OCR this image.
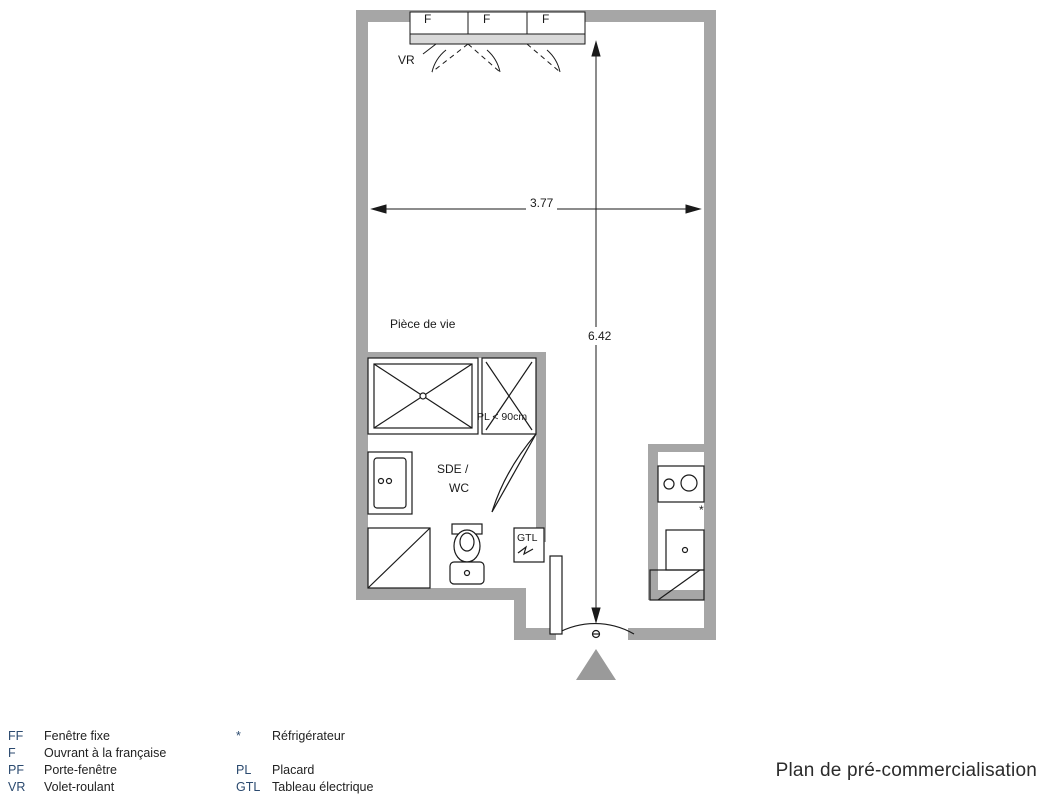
F	F	F
VR
Pièce de vie
PL < 90cm
SDE /
WC
GTL
*
3.77
6.42
FF	Fenêtre fixe
F	Ouvrant à la française
PF	Porte-fenêtre
VR	Volet-roulant
*	Réfrigérateur
PL	Placard
GTL Tableau électrique
Plan de pré-commercialisation
